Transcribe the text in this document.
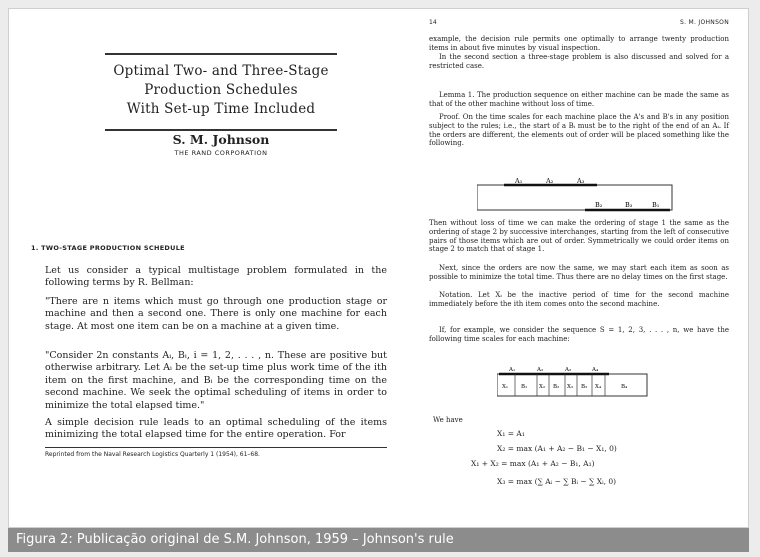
Optimal Two- and Three-Stage
Production Schedules
With Set-up Time Included
S. M. Johnson
THE RAND CORPORATION
1. TWO-STAGE PRODUCTION SCHEDULE

Let us consider a typical multistage problem formulated in the following terms by R. Bellman:

"There are n items which must go through one production stage or machine and then a second one. There is only one machine for each stage. At most one item can be on a machine at a given time.

"Consider 2n constants Aᵢ, Bᵢ, i = 1, 2, . . . , n. These are positive but otherwise arbitrary. Let Aᵢ be the set-up time plus work time of the ith item on the first machine, and Bᵢ be the corresponding time on the second machine. We seek the optimal scheduling of items in order to minimize the total elapsed time."

A simple decision rule leads to an optimal scheduling of the items minimizing the total elapsed time for the entire operation. For

Reprinted from the Naval Research Logistics Quarterly 1 (1954), 61–68.
14	S. M. JOHNSON

example, the decision rule permits one optimally to arrange twenty production items in about five minutes by visual inspection.

In the second section a three-stage problem is also discussed and solved for a restricted case.

Lemma 1. The production sequence on either machine can be made the same as that of the other machine without loss of time.

Proof. On the time scales for each machine place the A's and B's in any position subject to the rules; i.e., the start of a Bᵢ must be to the right of the end of an Aᵢ. If the orders are different, the elements out of order will be placed something like the following.

A₁	A₂	A₃
B₂	B₃	B₁

Then without loss of time we can make the ordering of stage 1 the same as the ordering of stage 2 by successive interchanges, starting from the left of consecutive pairs of those items which are out of order. Symmetrically we could order items on stage 2 to match that of stage 1.

Next, since the orders are now the same, we may start each item as soon as possible to minimize the total time. Thus there are no delay times on the first stage.

Notation. Let Xᵢ be the inactive period of time for the second machine immediately before the ith item comes onto the second machine.

If, for example, we consider the sequence S = 1, 2, 3, . . . , n, we have the following time scales for each machine:

A₁	A₂	A₃	A₄
X₁ B₁ X₂ B₂ X₃ B₃ X₄	B₄
We have
X₁ = A₁
X₂ = max (A₁ + A₂ − B₁ − X₁, 0)
X₁ + X₂ = max (A₁ + A₂ − B₁, A₁)
X₃ = max (∑ Aᵢ − ∑ Bᵢ − ∑ Xᵢ, 0)
Figura 2: Publicação original de S.M. Johnson, 1959 – Johnson's rule
